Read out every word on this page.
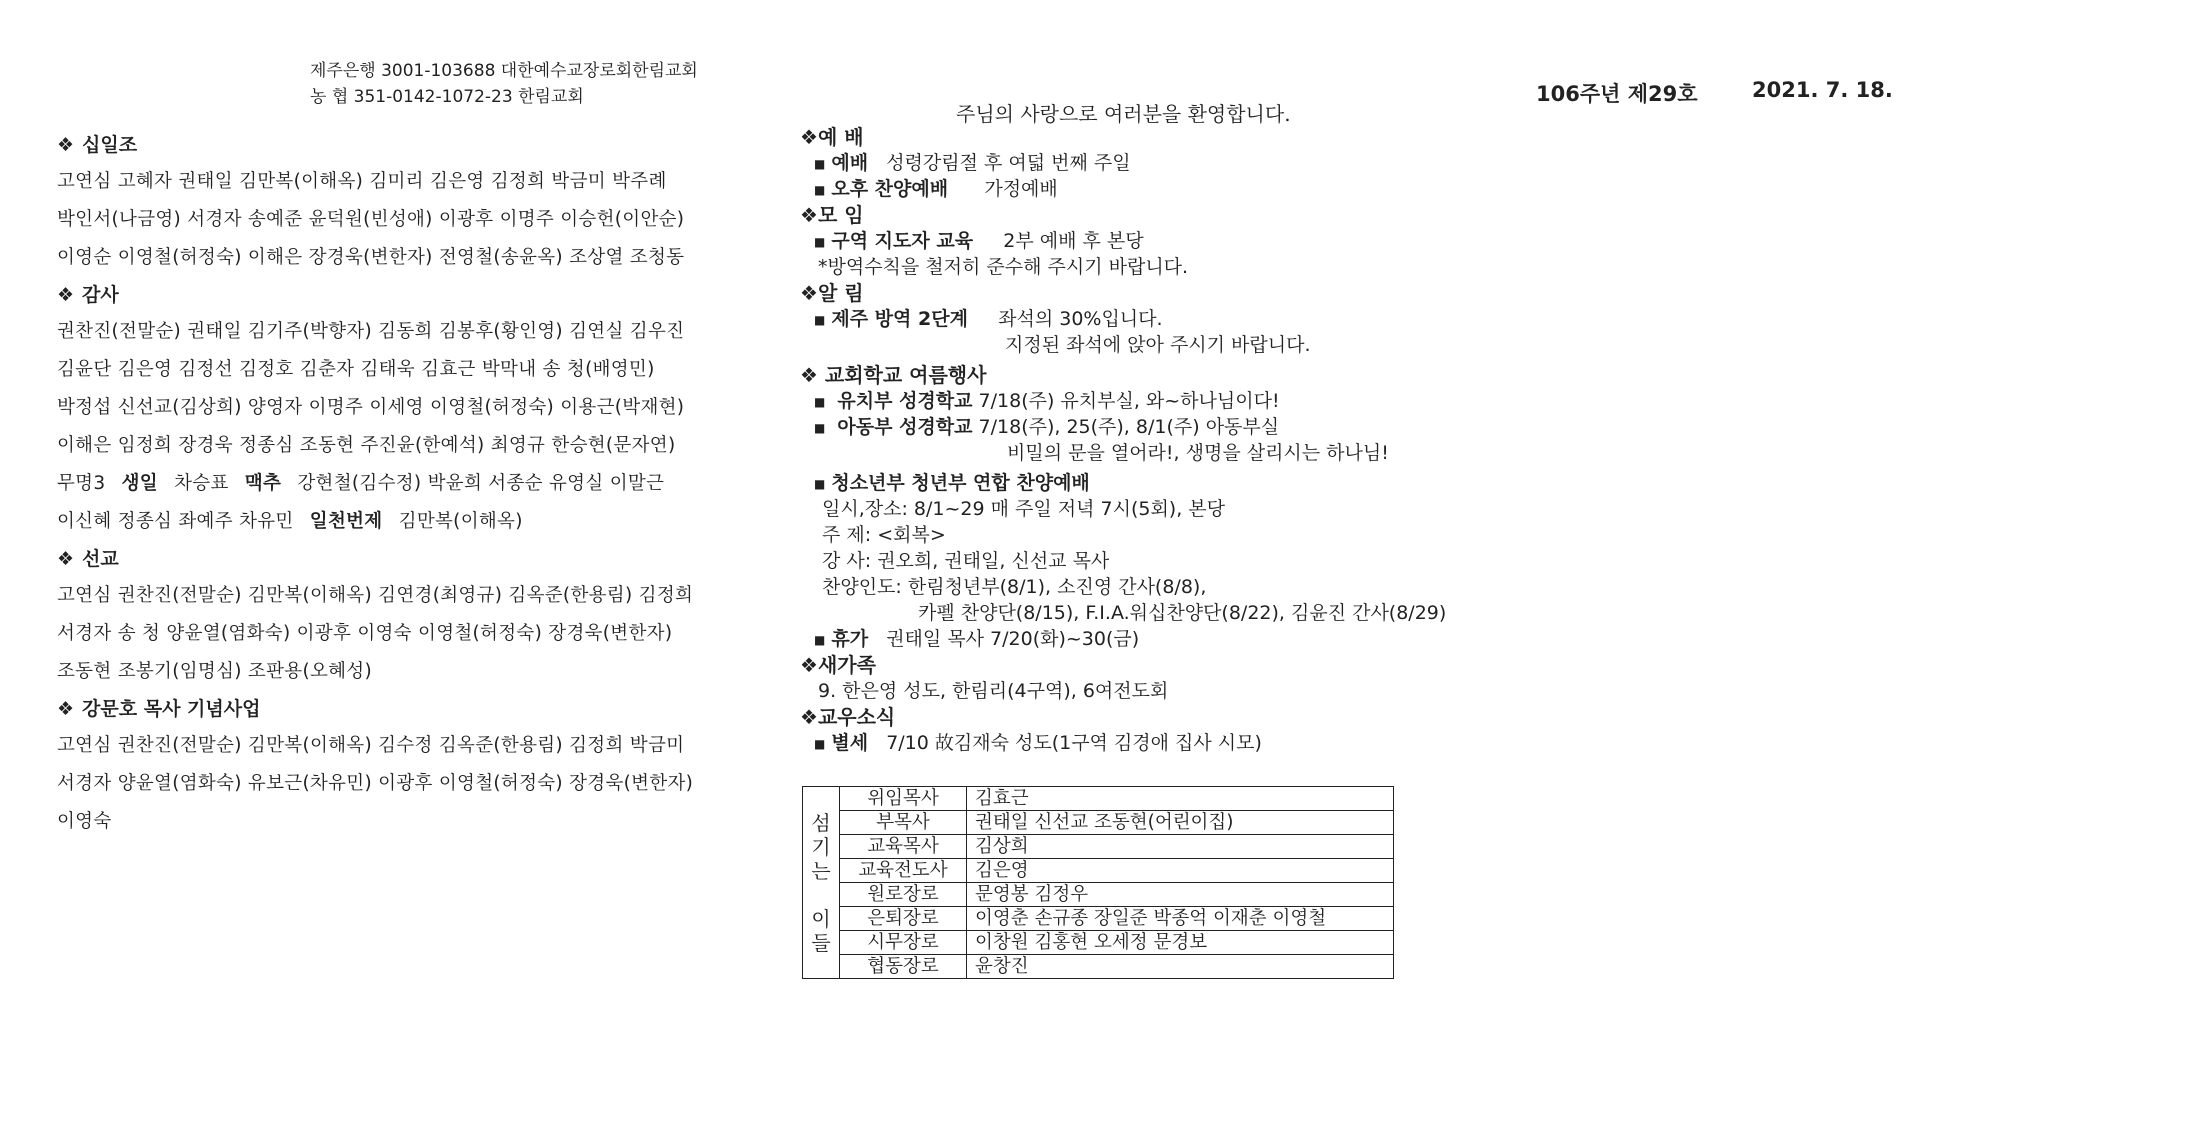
제주은행 3001-103688 대한예수교장로회한림교회
농 협 351-0142-1072-23 한림교회
주님의 사랑으로 여러분을 환영합니다.
106주년 제29호	2021. 7. 18.
❖ 십일조
고연심 고혜자 권태일 김만복(이해옥) 김미리 김은영 김정희 박금미 박주례
박인서(나금영) 서경자 송예준 윤덕원(빈성애) 이광후 이명주 이승헌(이안순)
이영순 이영철(허정숙) 이해은 장경욱(변한자) 전영철(송윤옥) 조상열 조청동
❖ 감사
권찬진(전말순) 권태일 김기주(박향자) 김동희 김봉후(황인영) 김연실 김우진
김윤단 김은영 김정선 김정호 김춘자 김태욱 김효근 박막내 송 청(배영민)
박정섭 신선교(김상희) 양영자 이명주 이세영 이영철(허정숙) 이용근(박재현)
이해은 임정희 장경욱 정종심 조동현 주진윤(한예석) 최영규 한승현(문자연)
무명3 생일 차승표 맥추 강현철(김수정) 박윤희 서종순 유영실 이말근
이신혜 정종심 좌예주 차유민 일천번제 김만복(이해옥)
❖ 선교
고연심 권찬진(전말순) 김만복(이해옥) 김연경(최영규) 김옥준(한용림) 김정희
서경자 송 청 양윤열(염화숙) 이광후 이영숙 이영철(허정숙) 장경욱(변한자)
조동현 조봉기(임명심) 조판용(오혜성)
❖ 강문호 목사 기념사업
고연심 권찬진(전말순) 김만복(이해옥) 김수정 김옥준(한용림) 김정희 박금미
서경자 양윤열(염화숙) 유보근(차유민) 이광후 이영철(허정숙) 장경욱(변한자)
이영숙
❖예 배
■ 예배 성령강림절 후 여덟 번째 주일
■ 오후 찬양예배 가정예배
❖모 임
■ 구역 지도자 교육 2부 예배 후 본당
*방역수칙을 철저히 준수해 주시기 바랍니다.
❖알 림
■ 제주 방역 2단계 좌석의 30%입니다.
지정된 좌석에 앉아 주시기 바랍니다.
❖ 교회학교 여름행사
■ 유치부 성경학교 7/18(주) 유치부실, 와~하나님이다!
■ 아동부 성경학교 7/18(주), 25(주), 8/1(주) 아동부실
비밀의 문을 열어라!, 생명을 살리시는 하나님!
■ 청소년부 청년부 연합 찬양예배
일시,장소: 8/1~29 매 주일 저녁 7시(5회), 본당
주 제: <회복>
강 사: 권오희, 권태일, 신선교 목사
찬양인도: 한림청년부(8/1), 소진영 간사(8/8),
카펠 찬양단(8/15), F.I.A.워십찬양단(8/22), 김윤진 간사(8/29)
■ 휴가 권태일 목사 7/20(화)~30(금)
❖새가족
9. 한은영 성도, 한림리(4구역), 6여전도회
❖교우소식
■ 별세 7/10 故김재숙 성도(1구역 김경애 집사 시모)
섬
기
는

이
들	위임목사	김효근
	부목사	권태일 신선교 조동현(어린이집)
	교육목사	김상희
	교육전도사	김은영
	원로장로	문영봉 김정우
	은퇴장로	이영춘 손규종 장일준 박종억 이재춘 이영철
	시무장로	이창원 김홍현 오세정 문경보
	협동장로	윤창진
